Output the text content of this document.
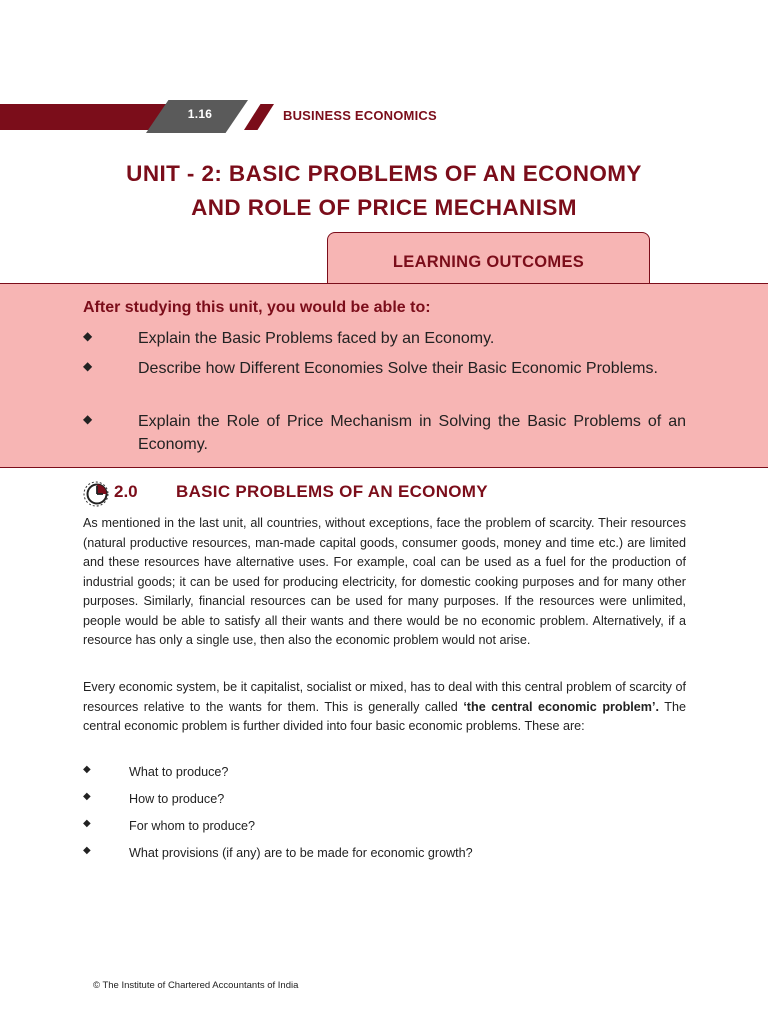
1.16	BUSINESS ECONOMICS
UNIT - 2: BASIC PROBLEMS OF AN ECONOMY
AND ROLE OF PRICE MECHANISM
LEARNING OUTCOMES
After studying this unit, you would be able to:
◆	Explain the Basic Problems faced by an Economy.
◆	Describe how Different Economies Solve their Basic Economic Problems.
◆	Explain the Role of Price Mechanism in Solving the Basic Problems of an Economy.
2.0 BASIC PROBLEMS OF AN ECONOMY
As mentioned in the last unit, all countries, without exceptions, face the problem of scarcity. Their resources (natural productive resources, man-made capital goods, consumer goods, money and time etc.) are limited and these resources have alternative uses. For example, coal can be used as a fuel for the production of industrial goods; it can be used for producing electricity, for domestic cooking purposes and for many other purposes. Similarly, financial resources can be used for many purposes. If the resources were unlimited, people would be able to satisfy all their wants and there would be no economic problem. Alternatively, if a resource has only a single use, then also the economic problem would not arise.
Every economic system, be it capitalist, socialist or mixed, has to deal with this central problem of scarcity of resources relative to the wants for them. This is generally called ‘the central economic problem’. The central economic problem is further divided into four basic economic problems. These are:
◆	What to produce?
◆	How to produce?
◆	For whom to produce?
◆	What provisions (if any) are to be made for economic growth?
© The Institute of Chartered Accountants of India
